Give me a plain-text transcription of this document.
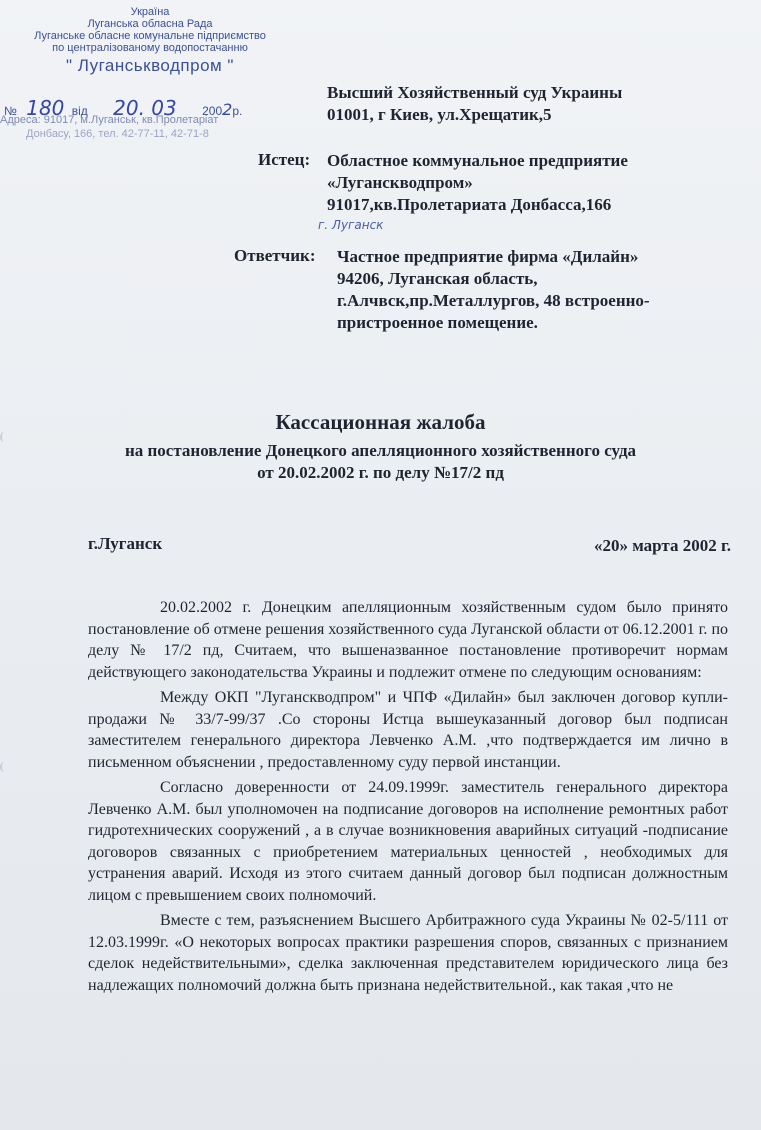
Україна
Луганська обласна Рада
Луганське обласне комунальне підприємство
по централізованому водопостачанню
" Луганськводпром "
№ 180 від 20. 03 2002р.
Адреса: 91017, м.Луганськ, кв.Пролетаріат
Донбасу, 166, тел. 42-77-11, 42-71-8
Высший Хозяйственный суд Украины
01001, г Киев, ул.Хрещатик,5
Истец: Областное коммунальное предприятие
«Луганскводпром»
91017,кв.Пролетариата Донбасса,166
г. Луганск
Ответчик: Частное предприятие фирма «Дилайн»
94206, Луганская область,
г.Алчвск,пр.Металлургов, 48 встроенно-
пристроенное помещение.
Кассационная жалоба
на постановление Донецкого апелляционного хозяйственного суда
от 20.02.2002 г. по делу №17/2 пд
г.Луганск	«20» марта 2002 г.

20.02.2002 г. Донецким апелляционным хозяйственным судом было принято постановление об отмене решения хозяйственного суда Луганской области от 06.12.2001 г. по делу № 17/2 пд, Считаем, что вышеназванное постановление противоречит нормам действующего законодательства Украины и подлежит отмене по следующим основаниям:

Между ОКП "Луганскводпром" и ЧПФ «Дилайн» был заключен договор купли-продажи № 33/7-99/37 .Со стороны Истца вышеуказанный договор был подписан заместителем генерального директора Левченко А.М. ,что подтверждается им лично в письменном объяснении , предоставленному суду первой инстанции.

Согласно доверенности от 24.09.1999г. заместитель генерального директора Левченко А.М. был уполномочен на подписание договоров на исполнение ремонтных работ гидротехнических сооружений , а в случае возникновения аварийных ситуаций -подписание договоров связанных с приобретением материальных ценностей , необходимых для устранения аварий. Исходя из этого считаем данный договор был подписан должностным лицом с превышением своих полномочий.

Вместе с тем, разъяснением Высшего Арбитражного суда Украины № 02-5/111 от 12.03.1999г. «О некоторых вопросах практики разрешения споров, связанных с признанием сделок недействительными», сделка заключенная представителем юридического лица без надлежащих полномочий должна быть признана недействительной., как такая ,что не
